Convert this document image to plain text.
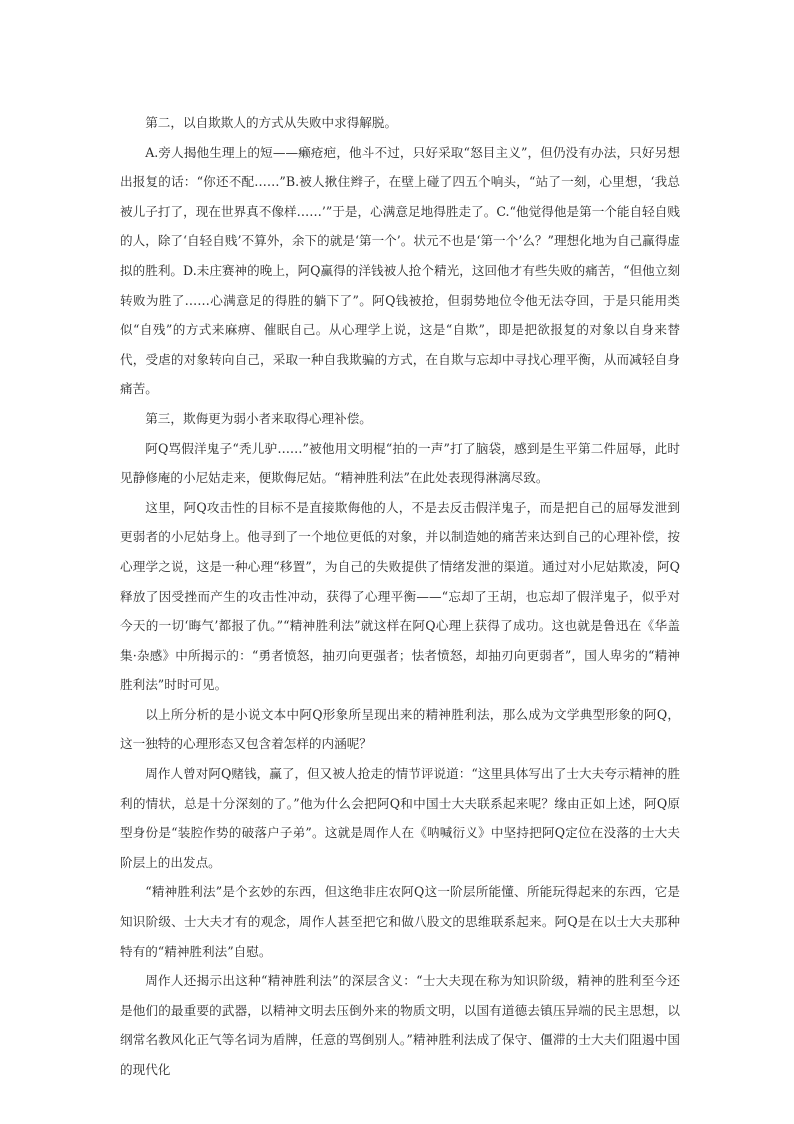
第二，以自欺欺人的方式从失败中求得解脱。

A.旁人揭他生理上的短——癞疮疤，他斗不过，只好采取“怒目主义”，但仍没有办法，只好另想出报复的话：“你还不配……”B.被人揪住辫子，在壁上碰了四五个响头，“站了一刻，心里想，‘我总被儿子打了，现在世界真不像样……’”于是，心满意足地得胜走了。C.“他觉得他是第一个能自轻自贱的人，除了‘自轻自贱’不算外，余下的就是‘第一个’。状元不也是‘第一个’么？”理想化地为自己赢得虚拟的胜利。D.未庄赛神的晚上，阿Q赢得的洋钱被人抢个精光，这回他才有些失败的痛苦，“但他立刻转败为胜了……心满意足的得胜的躺下了”。阿Q钱被抢，但弱势地位令他无法夺回，于是只能用类似“自残”的方式来麻痹、催眠自己。从心理学上说，这是“自欺”，即是把欲报复的对象以自身来替代，受虐的对象转向自己，采取一种自我欺骗的方式，在自欺与忘却中寻找心理平衡，从而减轻自身痛苦。

第三，欺侮更为弱小者来取得心理补偿。

阿Q骂假洋鬼子“秃儿驴……”被他用文明棍“拍的一声”打了脑袋，感到是生平第二件屈辱，此时见静修庵的小尼姑走来，便欺侮尼姑。“精神胜利法”在此处表现得淋漓尽致。

这里，阿Q攻击性的目标不是直接欺侮他的人，不是去反击假洋鬼子，而是把自己的屈辱发泄到更弱者的小尼姑身上。他寻到了一个地位更低的对象，并以制造她的痛苦来达到自己的心理补偿，按心理学之说，这是一种心理“移置”，为自己的失败提供了情绪发泄的渠道。通过对小尼姑欺凌，阿Q释放了因受挫而产生的攻击性冲动，获得了心理平衡——“忘却了王胡，也忘却了假洋鬼子，似乎对今天的一切‘晦气’都报了仇。”“精神胜利法”就这样在阿Q心理上获得了成功。这也就是鲁迅在《华盖集·杂感》中所揭示的：“勇者愤怒，抽刃向更强者；怯者愤怒，却抽刃向更弱者”，国人卑劣的“精神胜利法”时时可见。

以上所分析的是小说文本中阿Q形象所呈现出来的精神胜利法，那么成为文学典型形象的阿Q，这一独特的心理形态又包含着怎样的内涵呢？

周作人曾对阿Q赌钱，赢了，但又被人抢走的情节评说道：“这里具体写出了士大夫夸示精神的胜利的情状，总是十分深刻的了。”他为什么会把阿Q和中国士大夫联系起来呢？缘由正如上述，阿Q原型身份是“装腔作势的破落户子弟”。这就是周作人在《呐喊衍义》中坚持把阿Q定位在没落的士大夫阶层上的出发点。

“精神胜利法”是个玄妙的东西，但这绝非庄农阿Q这一阶层所能懂、所能玩得起来的东西，它是知识阶级、士大夫才有的观念，周作人甚至把它和做八股文的思维联系起来。阿Q是在以士大夫那种特有的“精神胜利法”自慰。

周作人还揭示出这种“精神胜利法”的深层含义：“士大夫现在称为知识阶级，精神的胜利至今还是他们的最重要的武器，以精神文明去压倒外来的物质文明，以国有道德去镇压异端的民主思想，以纲常名教风化正气等名词为盾牌，任意的骂倒别人。”精神胜利法成了保守、僵滞的士大夫们阻遏中国的现代化
